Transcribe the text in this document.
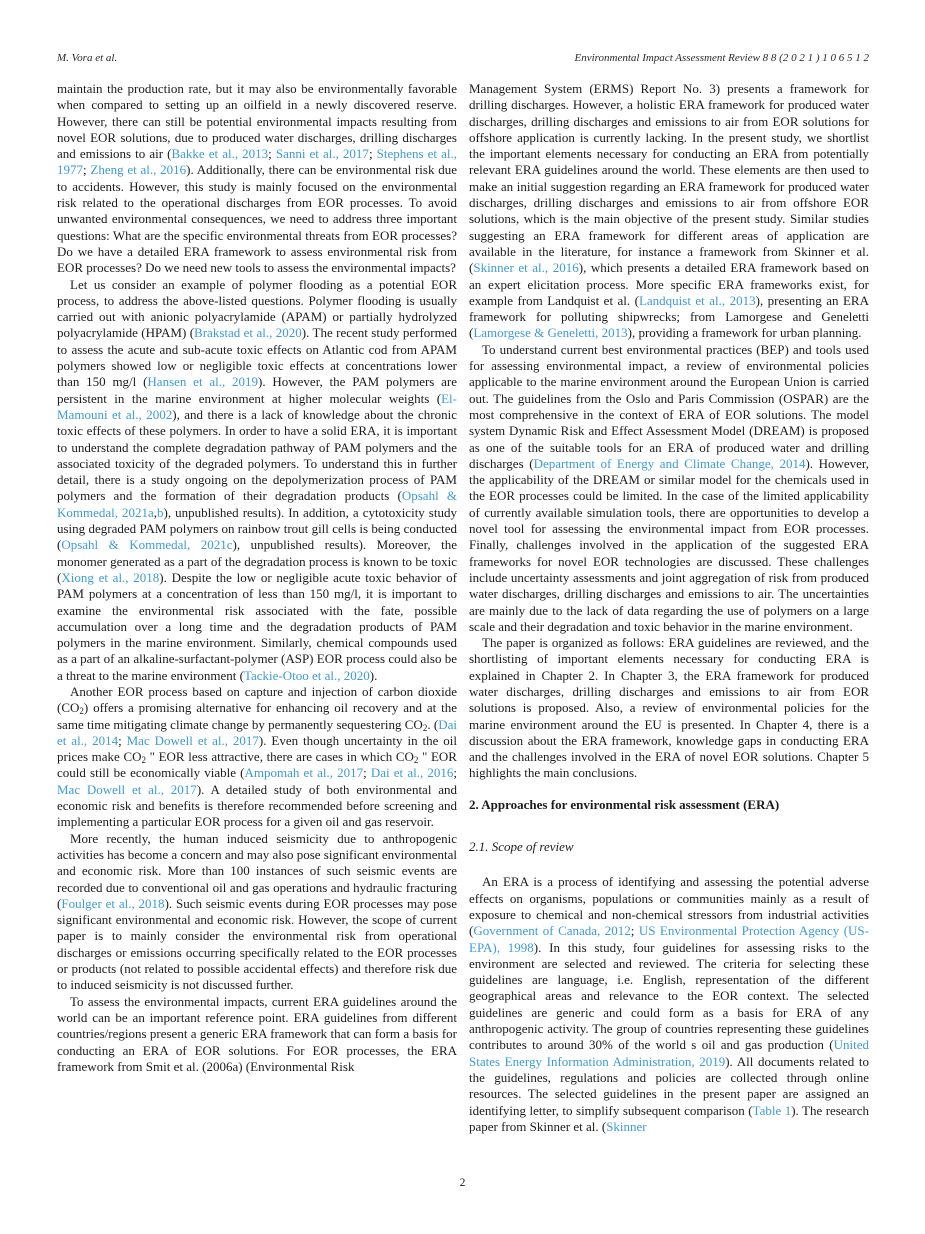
M. Vora et al.	Environmental Impact Assessment Review 8 8 (2 0 2 1 ) 1 0 6 5 1 2

maintain the production rate, but it may also be environmentally favorable when compared to setting up an oilfield in a newly discovered reserve. However, there can still be potential environmental impacts resulting from novel EOR solutions, due to produced water discharges, drilling discharges and emissions to air (Bakke et al., 2013; Sanni et al., 2017; Stephens et al., 1977; Zheng et al., 2016). Additionally, there can be environmental risk due to accidents. However, this study is mainly focused on the environmental risk related to the operational discharges from EOR processes. To avoid unwanted environmental consequences, we need to address three important questions: What are the specific environmental threats from EOR processes? Do we have a detailed ERA framework to assess environmental risk from EOR processes? Do we need new tools to assess the environmental impacts?

Let us consider an example of polymer flooding as a potential EOR process, to address the above-listed questions. Polymer flooding is usually carried out with anionic polyacrylamide (APAM) or partially hydrolyzed polyacrylamide (HPAM) (Brakstad et al., 2020). The recent study performed to assess the acute and sub-acute toxic effects on Atlantic cod from APAM polymers showed low or negligible toxic effects at concentrations lower than 150 mg/l (Hansen et al., 2019). However, the PAM polymers are persistent in the marine environment at higher molecular weights (El-Mamouni et al., 2002), and there is a lack of knowledge about the chronic toxic effects of these polymers. In order to have a solid ERA, it is important to understand the complete degradation pathway of PAM polymers and the associated toxicity of the degraded polymers. To understand this in further detail, there is a study ongoing on the depolymerization process of PAM polymers and the formation of their degradation products (Opsahl & Kommedal, 2021a,b), unpublished results). In addition, a cytotoxicity study using degraded PAM polymers on rainbow trout gill cells is being conducted (Opsahl & Kommedal, 2021c), unpublished results). Moreover, the monomer generated as a part of the degradation process is known to be toxic (Xiong et al., 2018). Despite the low or negligible acute toxic behavior of PAM polymers at a concentration of less than 150 mg/l, it is important to examine the environmental risk associated with the fate, possible accumulation over a long time and the degradation products of PAM polymers in the marine environment. Similarly, chemical compounds used as a part of an alkaline-surfactant-polymer (ASP) EOR process could also be a threat to the marine environment (Tackie-Otoo et al., 2020).

Another EOR process based on capture and injection of carbon dioxide $(CO_2)$ offers a promising alternative for enhancing oil recovery and at the same time mitigating climate change by permanently sequestering $CO_2$. (Dai et al., 2014; Mac Dowell et al., 2017). Even though uncertainty in the oil prices make $CO_2$ " EOR less attractive, there are cases in which $CO_2$ " EOR could still be economically viable (Ampomah et al., 2017; Dai et al., 2016; Mac Dowell et al., 2017). A detailed study of both environmental and economic risk and benefits is therefore recommended before screening and implementing a particular EOR process for a given oil and gas reservoir.

More recently, the human induced seismicity due to anthropogenic activities has become a concern and may also pose significant environmental and economic risk. More than 100 instances of such seismic events are recorded due to conventional oil and gas operations and hydraulic fracturing (Foulger et al., 2018). Such seismic events during EOR processes may pose significant environmental and economic risk. However, the scope of current paper is to mainly consider the environmental risk from operational discharges or emissions occurring specifically related to the EOR processes or products (not related to possible accidental effects) and therefore risk due to induced seismicity is not discussed further.

To assess the environmental impacts, current ERA guidelines around the world can be an important reference point. ERA guidelines from different countries/regions present a generic ERA framework that can form a basis for conducting an ERA of EOR solutions. For EOR processes, the ERA framework from Smit et al. (2006a) (Environmental Risk

Management System (ERMS) Report No. 3) presents a framework for drilling discharges. However, a holistic ERA framework for produced water discharges, drilling discharges and emissions to air from EOR solutions for offshore application is currently lacking. In the present study, we shortlist the important elements necessary for conducting an ERA from potentially relevant ERA guidelines around the world. These elements are then used to make an initial suggestion regarding an ERA framework for produced water discharges, drilling discharges and emissions to air from offshore EOR solutions, which is the main objective of the present study. Similar studies suggesting an ERA framework for different areas of application are available in the literature, for instance a framework from Skinner et al. (Skinner et al., 2016), which presents a detailed ERA framework based on an expert elicitation process. More specific ERA frameworks exist, for example from Landquist et al. (Landquist et al., 2013), presenting an ERA framework for polluting shipwrecks; from Lamorgese and Geneletti (Lamorgese & Geneletti, 2013), providing a framework for urban planning.

To understand current best environmental practices (BEP) and tools used for assessing environmental impact, a review of environmental policies applicable to the marine environment around the European Union is carried out. The guidelines from the Oslo and Paris Commission (OSPAR) are the most comprehensive in the context of ERA of EOR solutions. The model system Dynamic Risk and Effect Assessment Model (DREAM) is proposed as one of the suitable tools for an ERA of produced water and drilling discharges (Department of Energy and Climate Change, 2014). However, the applicability of the DREAM or similar model for the chemicals used in the EOR processes could be limited. In the case of the limited applicability of currently available simulation tools, there are opportunities to develop a novel tool for assessing the environmental impact from EOR processes. Finally, challenges involved in the application of the suggested ERA frameworks for novel EOR technologies are discussed. These challenges include uncertainty assessments and joint aggregation of risk from produced water discharges, drilling discharges and emissions to air. The uncertainties are mainly due to the lack of data regarding the use of polymers on a large scale and their degradation and toxic behavior in the marine environment.

The paper is organized as follows: ERA guidelines are reviewed, and the shortlisting of important elements necessary for conducting ERA is explained in Chapter 2. In Chapter 3, the ERA framework for produced water discharges, drilling discharges and emissions to air from EOR solutions is proposed. Also, a review of environmental policies for the marine environment around the EU is presented. In Chapter 4, there is a discussion about the ERA framework, knowledge gaps in conducting ERA and the challenges involved in the ERA of novel EOR solutions. Chapter 5 highlights the main conclusions.

2. Approaches for environmental risk assessment (ERA)
2.1. Scope of review

An ERA is a process of identifying and assessing the potential adverse effects on organisms, populations or communities mainly as a result of exposure to chemical and non-chemical stressors from industrial activities (Government of Canada, 2012; US Environmental Protection Agency (US-EPA), 1998). In this study, four guidelines for assessing risks to the environment are selected and reviewed. The criteria for selecting these guidelines are language, i.e. English, representation of the different geographical areas and relevance to the EOR context. The selected guidelines are generic and could form as a basis for ERA of any anthropogenic activity. The group of countries representing these guidelines contributes to around 30% of the world s oil and gas production (United States Energy Information Administration, 2019). All documents related to the guidelines, regulations and policies are collected through online resources. The selected guidelines in the present paper are assigned an identifying letter, to simplify subsequent comparison (Table 1). The research paper from Skinner et al. (Skinner

2
